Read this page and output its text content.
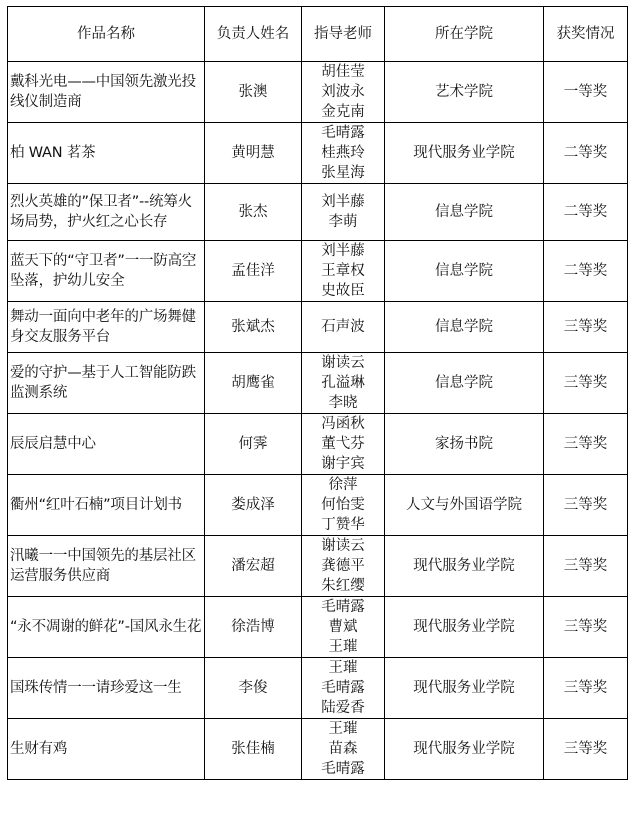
作品名称	负责人姓名	指导老师	所在学院	获奖情况
戴科光电——中国领先激光投线仪制造商	张澳	胡佳莹
刘波永
金克南	艺术学院	一等奖
柏 WAN 茗茶	黄明慧	毛晴露
桂燕玲
张星海	现代服务业学院	二等奖
烈火英雄的”保卫者”--统筹火场局势，护火红之心长存	张杰	刘半藤
李萌	信息学院	二等奖
蓝天下的“守卫者”一一防高空坠落，护幼儿安全	孟佳洋	刘半藤
王章权
史故臣	信息学院	二等奖
舞动一面向中老年的广场舞健身交友服务平台	张斌杰	石声波	信息学院	三等奖
爱的守护—基于人工智能防跌监测系统	胡鹰雀	谢读云
孔溢琳
李晓	信息学院	三等奖
辰辰启慧中心	何霁	冯函秋
董弋芬
谢宇宾	家扬书院	三等奖
衢州“红叶石楠”项目计划书	娄成泽	徐萍
何怡雯
丁赞华	人文与外国语学院	三等奖
汛曦一一中国领先的基层社区运营服务供应商	潘宏超	谢读云
龚德平
朱红缨	现代服务业学院	三等奖
“永不凋谢的鲜花”-国风永生花	徐浩博	毛晴露
曹斌
王璀	现代服务业学院	三等奖
国珠传情一一请珍爱这一生	李俊	王璀
毛晴露
陆爱香	现代服务业学院	三等奖
生财有鸡	张佳楠	王璀
苗森
毛晴露	现代服务业学院	三等奖
